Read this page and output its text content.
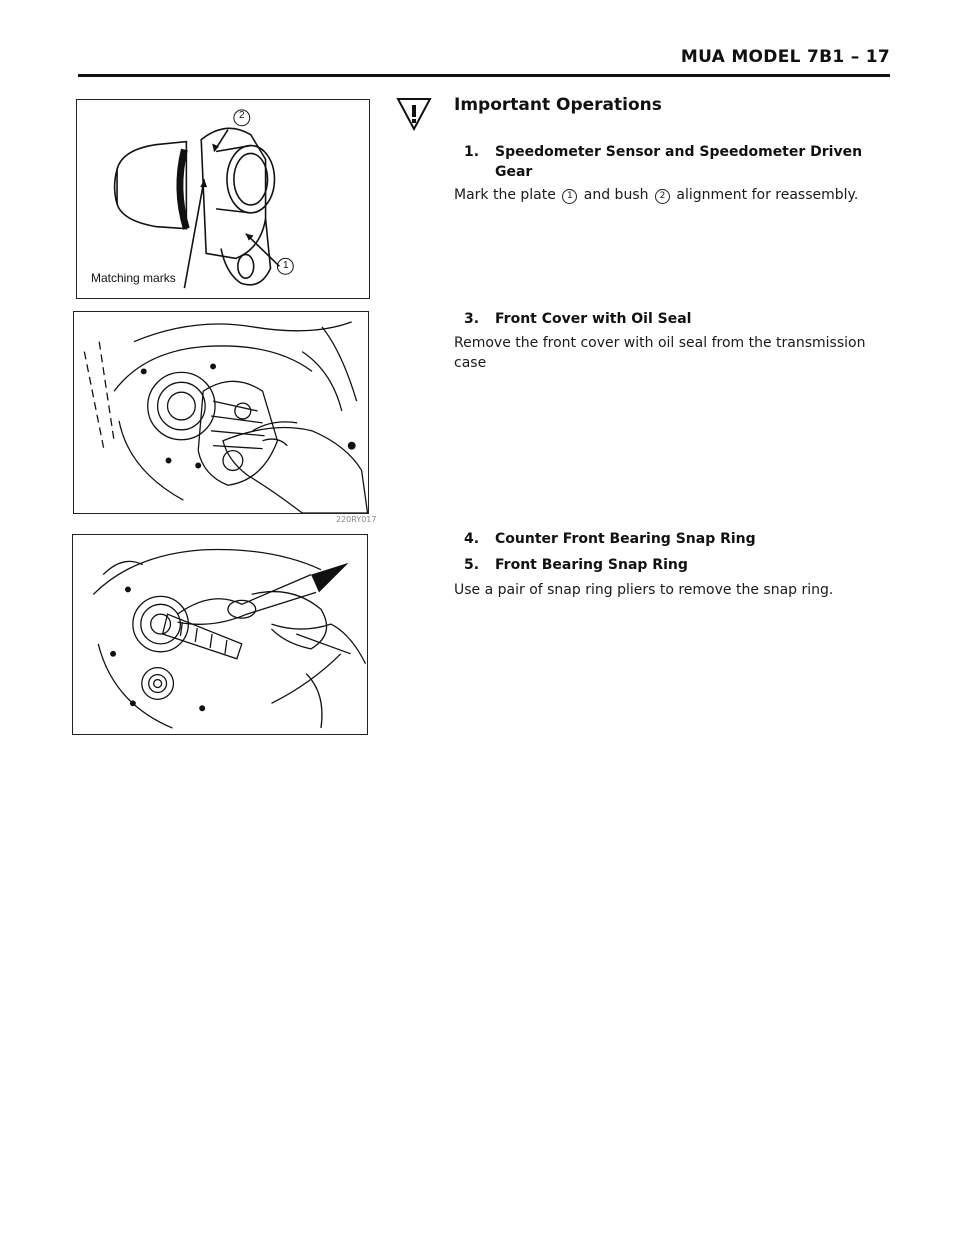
MUA MODEL 7B1 – 17
Matching marks
2
1
220RY017
Important Operations
1. Speedometer Sensor and Speedometer Driven
Gear
Mark the plate 1 and bush 2 alignment for reassembly.
3. Front Cover with Oil Seal
Remove the front cover with oil seal from the transmission case
4. Counter Front Bearing Snap Ring
5. Front Bearing Snap Ring
Use a pair of snap ring pliers to remove the snap ring.
